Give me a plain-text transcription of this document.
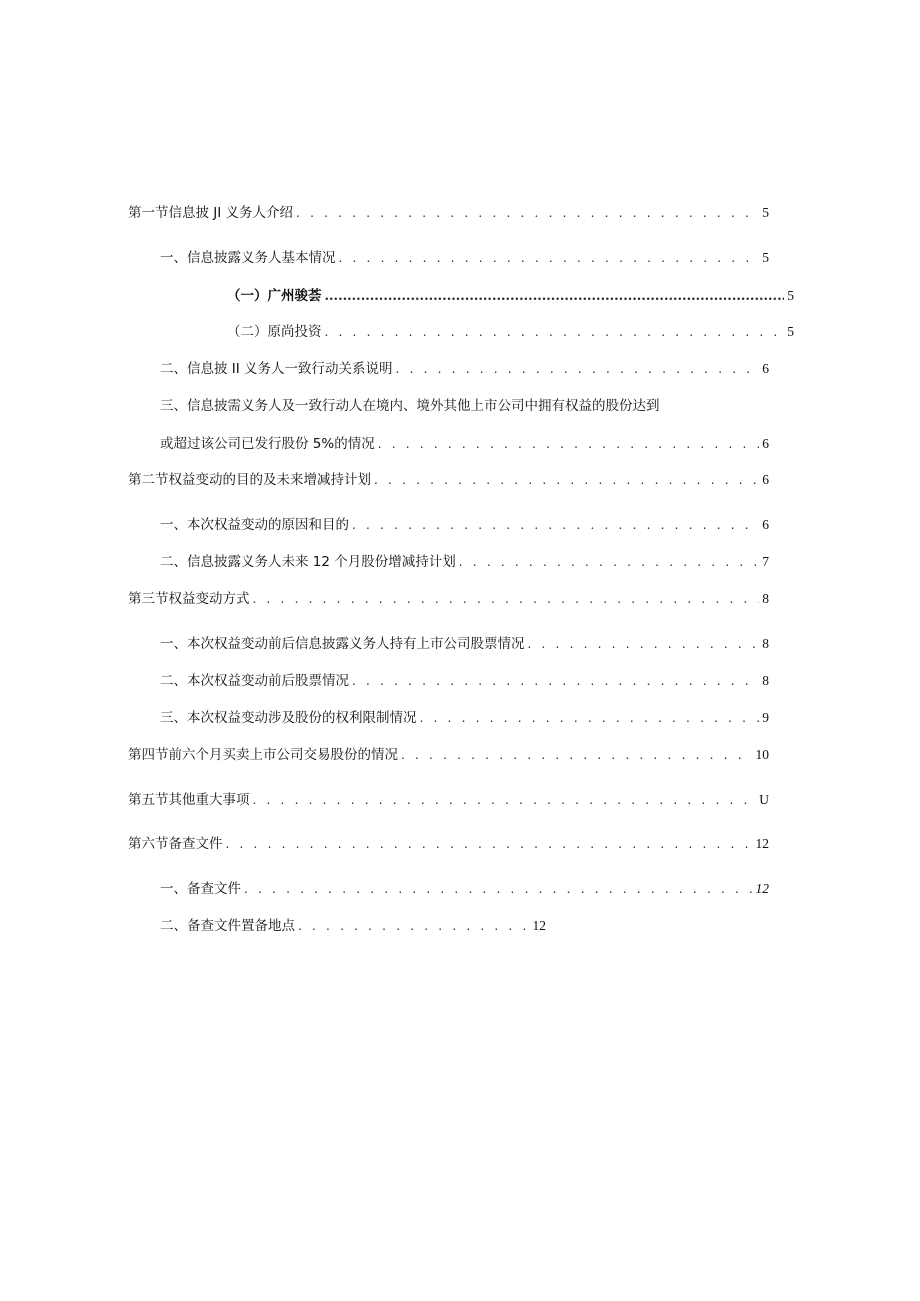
第一节信息披 JI 义务人介绍 . . .	5
一、信息披露义务人基本情况 . . .	5
（一）广州骏荟 .....	5
（二）原尚投资 . . .	5
二、信息披 II 义务人一致行动关系说明 . . .	6
三、信息披需义务人及一致行动人在境内、境外其他上市公司中拥有权益的股份达到
或超过该公司已发行股份 5%的情况 . . .	6
第二节权益变动的目的及未来增减持计划 . . .	6
一、本次权益变动的原因和目的 . . .	6
二、信息披露义务人未来 12 个月股份增减持计划 . . .	7
第三节权益变动方式 . . .	8
一、本次权益变动前后信息披露义务人持有上市公司股票情况 . . .	8
二、本次权益变动前后股票情况 . . .	8
三、本次权益变动涉及股份的权利限制情况 . . .	9
第四节前六个月买卖上市公司交易股份的情况 . . .	10
第五节其他重大事项 . . .	U
第六节备查文件 . . .	12
一、备查文件 . . .	12
二、备查文件置备地点 . . .	12
